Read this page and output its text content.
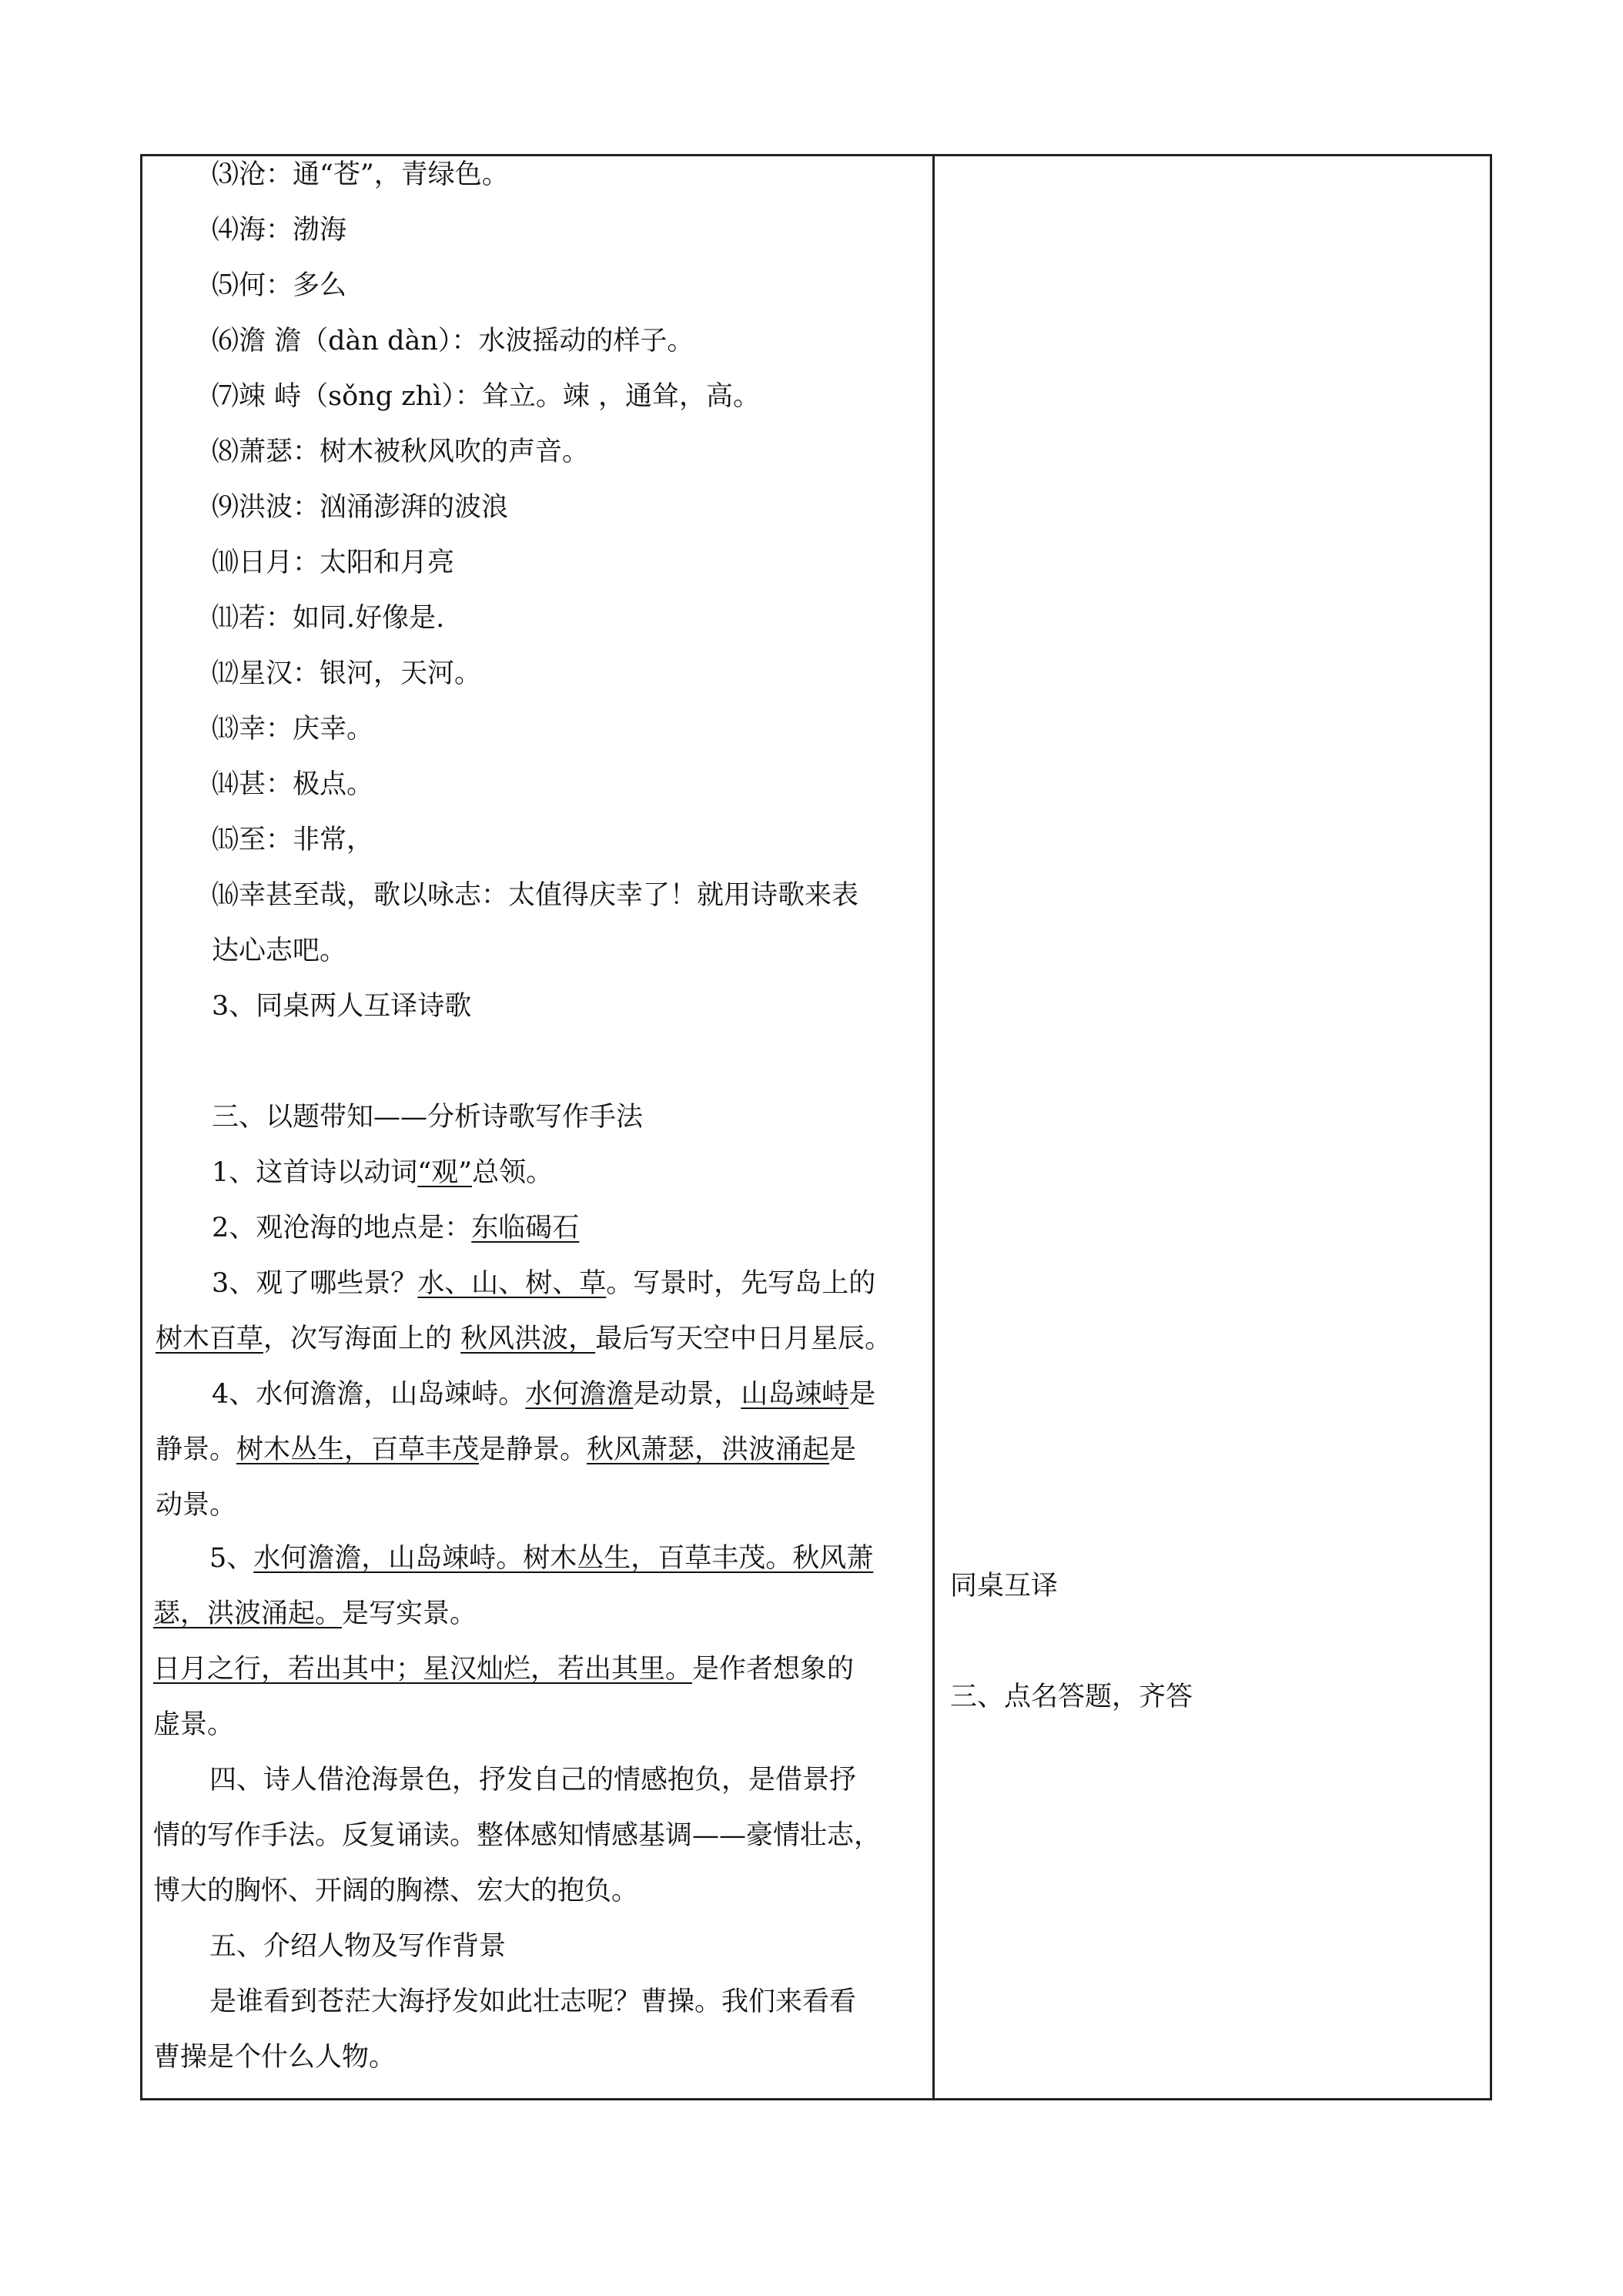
⑶沧：通“苍”，青绿色。
⑷海：渤海
⑸何：多么
⑹澹 澹（dàn dàn）：水波摇动的样子。
⑺竦 峙（sǒng zhì）：耸立。竦 ，通耸，高。
⑻萧瑟：树木被秋风吹的声音。
⑼洪波：汹涌澎湃的波浪
⑽日月：太阳和月亮
⑾若：如同.好像是.
⑿星汉：银河，天河。
⒀幸：庆幸。
⒁甚：极点。
⒂至：非常，
⒃幸甚至哉，歌以咏志：太值得庆幸了！就用诗歌来表
达心志吧。
3、同桌两人互译诗歌
三、以题带知——分析诗歌写作手法
1、这首诗以动词“观”总领。
2、观沧海的地点是：东临碣石
3、观了哪些景？水、山、树、草。写景时，先写岛上的
树木百草，次写海面上的 秋风洪波，最后写天空中日月星辰。
4、水何澹澹，山岛竦峙。水何澹澹是动景，山岛竦峙是
静景。树木丛生，百草丰茂是静景。秋风萧瑟，洪波涌起是
动景。
5、水何澹澹，山岛竦峙。树木丛生，百草丰茂。秋风萧
瑟，洪波涌起。是写实景。
日月之行，若出其中；星汉灿烂，若出其里。是作者想象的
虚景。
四、诗人借沧海景色，抒发自己的情感抱负，是借景抒
情的写作手法。反复诵读。整体感知情感基调——豪情壮志，
博大的胸怀、开阔的胸襟、宏大的抱负。
五、介绍人物及写作背景
是谁看到苍茫大海抒发如此壮志呢？曹操。我们来看看
曹操是个什么人物。
同桌互译
三、点名答题，齐答
